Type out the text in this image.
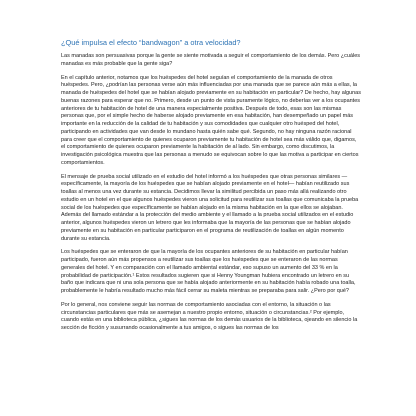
¿Qué impulsa el efecto “bandwagon” a otra velocidad?

Las manadas son persuasivas porque la gente se siente motivada a seguir el comportamiento de los demás. Pero ¿cuáles manadas es más probable que la gente siga?

En el capítulo anterior, notamos que los huéspedes del hotel seguían el comportamiento de la manada de otros huéspedes. Pero, ¿podrían las personas verse aún más influenciadas por una manada que se parece aún más a ellas, la manada de huéspedes del hotel que se habían alojado previamente en su habitación en particular? De hecho, hay algunas buenas razones para esperar que no. Primero, desde un punto de vista puramente lógico, no deberías ver a los ocupantes anteriores de tu habitación de hotel de una manera especialmente positiva. Después de todo, esas son las mismas personas que, por el simple hecho de haberse alojado previamente en esa habitación, han desempeñado un papel más importante en la reducción de la calidad de tu habitación y sus comodidades que cualquier otro huésped del hotel, participando en actividades que van desde lo mundano hasta quién sabe qué. Segundo, no hay ninguna razón racional para creer que el comportamiento de quienes ocuparon previamente tu habitación de hotel sea más válido que, digamos, el comportamiento de quienes ocuparon previamente la habitación de al lado. Sin embargo, como discutimos, la investigación psicológica muestra que las personas a menudo se equivocan sobre lo que las motiva a participar en ciertos comportamientos.

El mensaje de prueba social utilizado en el estudio del hotel informó a los huéspedes que otras personas similares —específicamente, la mayoría de los huéspedes que se habían alojado previamente en el hotel— habían reutilizado sus toallas al menos una vez durante su estancia. Decidimos llevar la similitud percibida un paso más allá realizando otro estudio en un hotel en el que algunos huéspedes vieron una solicitud para reutilizar sus toallas que comunicaba la prueba social de los huéspedes que específicamente se habían alojado en la misma habitación en la que ellos se alojaban. Además del llamado estándar a la protección del medio ambiente y el llamado a la prueba social utilizados en el estudio anterior, algunos huéspedes vieron un letrero que les informaba que la mayoría de las personas que se habían alojado previamente en su habitación en particular participaron en el programa de reutilización de toallas en algún momento durante su estancia.

Los huéspedes que se enteraron de que la mayoría de los ocupantes anteriores de su habitación en particular habían participado, fueron aún más propensos a reutilizar sus toallas que los huéspedes que se enteraron de las normas generales del hotel. Y en comparación con el llamado ambiental estándar, eso supuso un aumento del 33 % en la probabilidad de participación.¹ Estos resultados sugieren que si Henny Youngman hubiera encontrado un letrero en su baño que indicara que ni una sola persona que se había alojado anteriormente en su habitación había robado una toalla, probablemente le habría resultado mucho más fácil cerrar su maleta mientras se preparaba para salir. ¿Pero por qué?

Por lo general, nos conviene seguir las normas de comportamiento asociadas con el entorno, la situación o las circunstancias particulares que más se asemejan a nuestro propio entorno, situación o circunstancias.² Por ejemplo, cuando estás en una biblioteca pública, ¿sigues las normas de los demás usuarios de la biblioteca, ojeando en silencio la sección de ficción y susurrando ocasionalmente a tus amigos, o sigues las normas de los
